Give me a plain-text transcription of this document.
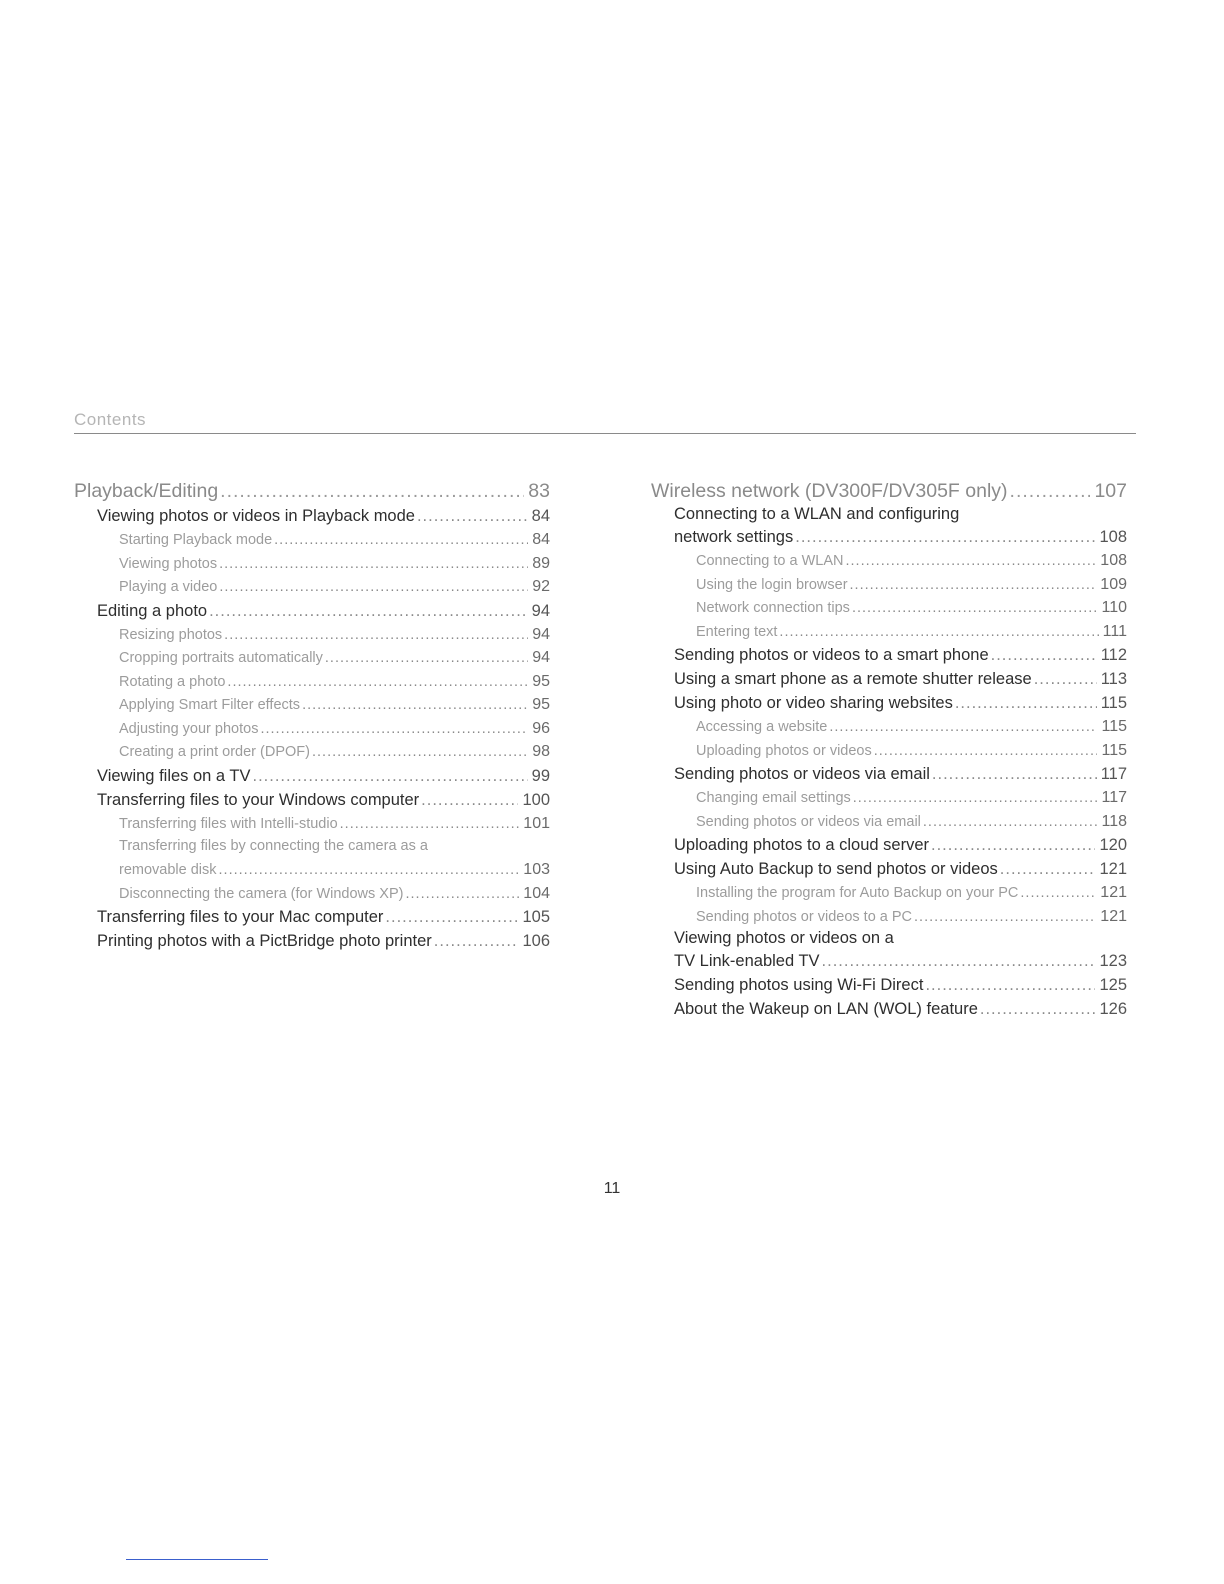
Contents
Playback/Editing .....	83
Viewing photos or videos in Playback mode .....	84
Starting Playback mode .....	84
Viewing photos .....	89
Playing a video .....	92
Editing a photo .....	94
Resizing photos .....	94
Cropping portraits automatically .....	94
Rotating a photo .....	95
Applying Smart Filter effects .....	95
Adjusting your photos .....	96
Creating a print order (DPOF) .....	98
Viewing files on a TV .....	99
Transferring files to your Windows computer .....	100
Transferring files with Intelli-studio .....	101
Transferring files by connecting the camera as a
removable disk .....	103
Disconnecting the camera (for Windows XP) .....	104
Transferring files to your Mac computer .....	105
Printing photos with a PictBridge photo printer .....	106
Wireless network (DV300F/DV305F only) .....	107
Connecting to a WLAN and configuring
network settings .....	108
Connecting to a WLAN .....	108
Using the login browser .....	109
Network connection tips .....	110
Entering text .....	111
Sending photos or videos to a smart phone .....	112
Using a smart phone as a remote shutter release .....	113
Using photo or video sharing websites .....	115
Accessing a website .....	115
Uploading photos or videos .....	115
Sending photos or videos via email .....	117
Changing email settings .....	117
Sending photos or videos via email .....	118
Uploading photos to a cloud server .....	120
Using Auto Backup to send photos or videos .....	121
Installing the program for Auto Backup on your PC .....	121
Sending photos or videos to a PC .....	121
Viewing photos or videos on a
TV Link-enabled TV .....	123
Sending photos using Wi-Fi Direct .....	125
About the Wakeup on LAN (WOL) feature .....	126
11
